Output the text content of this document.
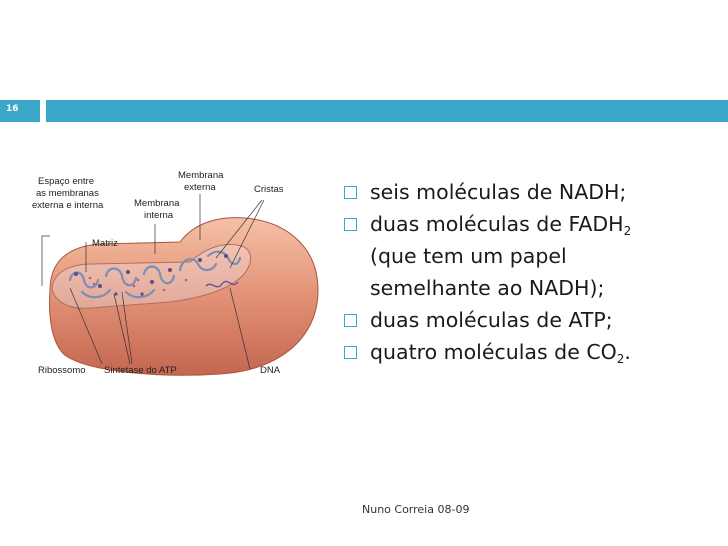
16
Espaço entre
as membranas
externa e interna
Membrana
externa
Membrana
interna
Cristas
Matriz
Ribossomo Sintetase do ATP	DNA
seis moléculas de NADH;
duas moléculas de $FADH_2$
(que tem um papel
semelhante ao NADH);
duas moléculas de ATP;
quatro moléculas de $CO_2$.
Nuno Correia 08-09
